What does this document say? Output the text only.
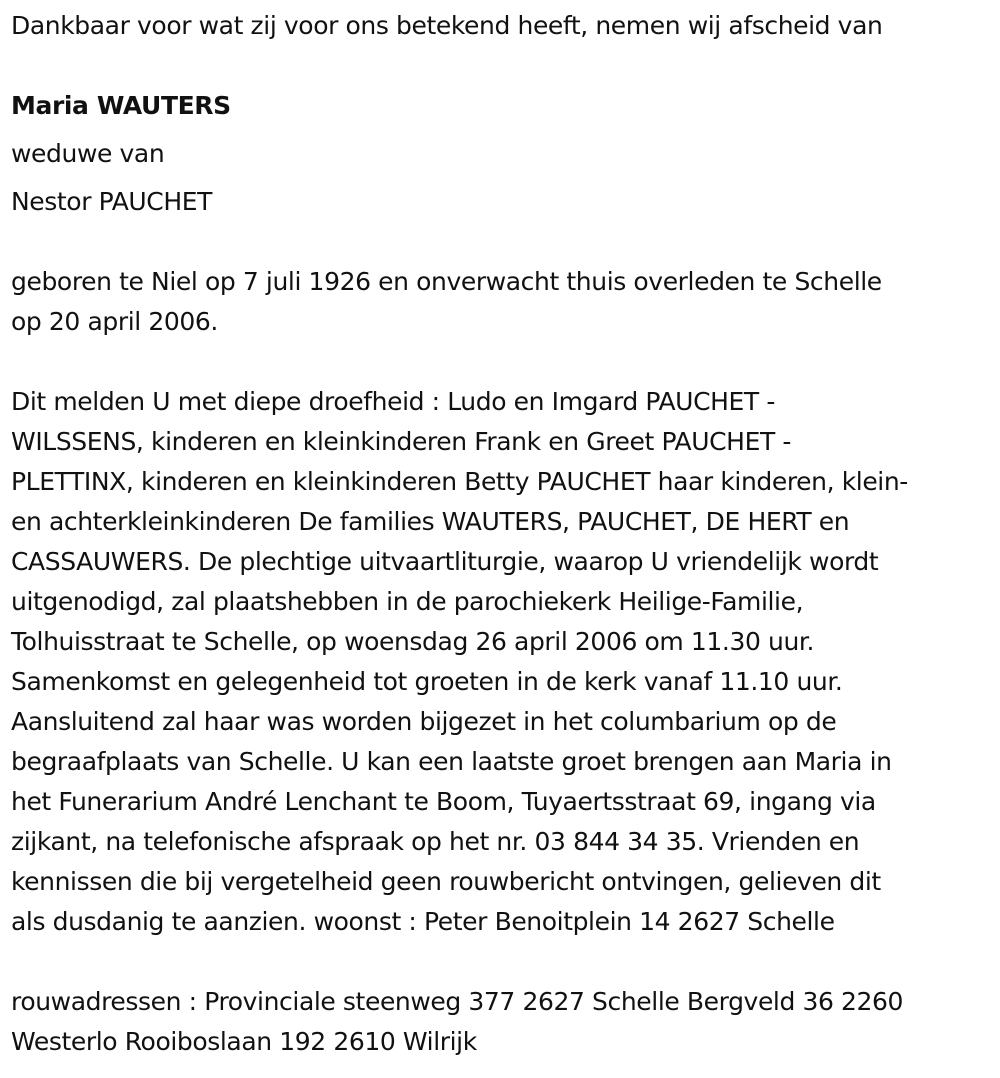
Dankbaar voor wat zij voor ons betekend heeft, nemen wij afscheid van
Maria WAUTERS
weduwe van
Nestor PAUCHET
geboren te Niel op 7 juli 1926 en onverwacht thuis overleden te Schelle
op 20 april 2006.
Dit melden U met diepe droefheid : Ludo en Imgard PAUCHET -
WILSSENS, kinderen en kleinkinderen Frank en Greet PAUCHET -
PLETTINX, kinderen en kleinkinderen Betty PAUCHET haar kinderen, klein-
en achterkleinkinderen De families WAUTERS, PAUCHET, DE HERT en
CASSAUWERS. De plechtige uitvaartliturgie, waarop U vriendelijk wordt
uitgenodigd, zal plaatshebben in de parochiekerk Heilige-Familie,
Tolhuisstraat te Schelle, op woensdag 26 april 2006 om 11.30 uur.
Samenkomst en gelegenheid tot groeten in de kerk vanaf 11.10 uur.
Aansluitend zal haar was worden bijgezet in het columbarium op de
begraafplaats van Schelle. U kan een laatste groet brengen aan Maria in
het Funerarium André Lenchant te Boom, Tuyaertsstraat 69, ingang via
zijkant, na telefonische afspraak op het nr. 03 844 34 35. Vrienden en
kennissen die bij vergetelheid geen rouwbericht ontvingen, gelieven dit
als dusdanig te aanzien. woonst : Peter Benoitplein 14 2627 Schelle
rouwadressen : Provinciale steenweg 377 2627 Schelle Bergveld 36 2260
Westerlo Rooiboslaan 192 2610 Wilrijk
